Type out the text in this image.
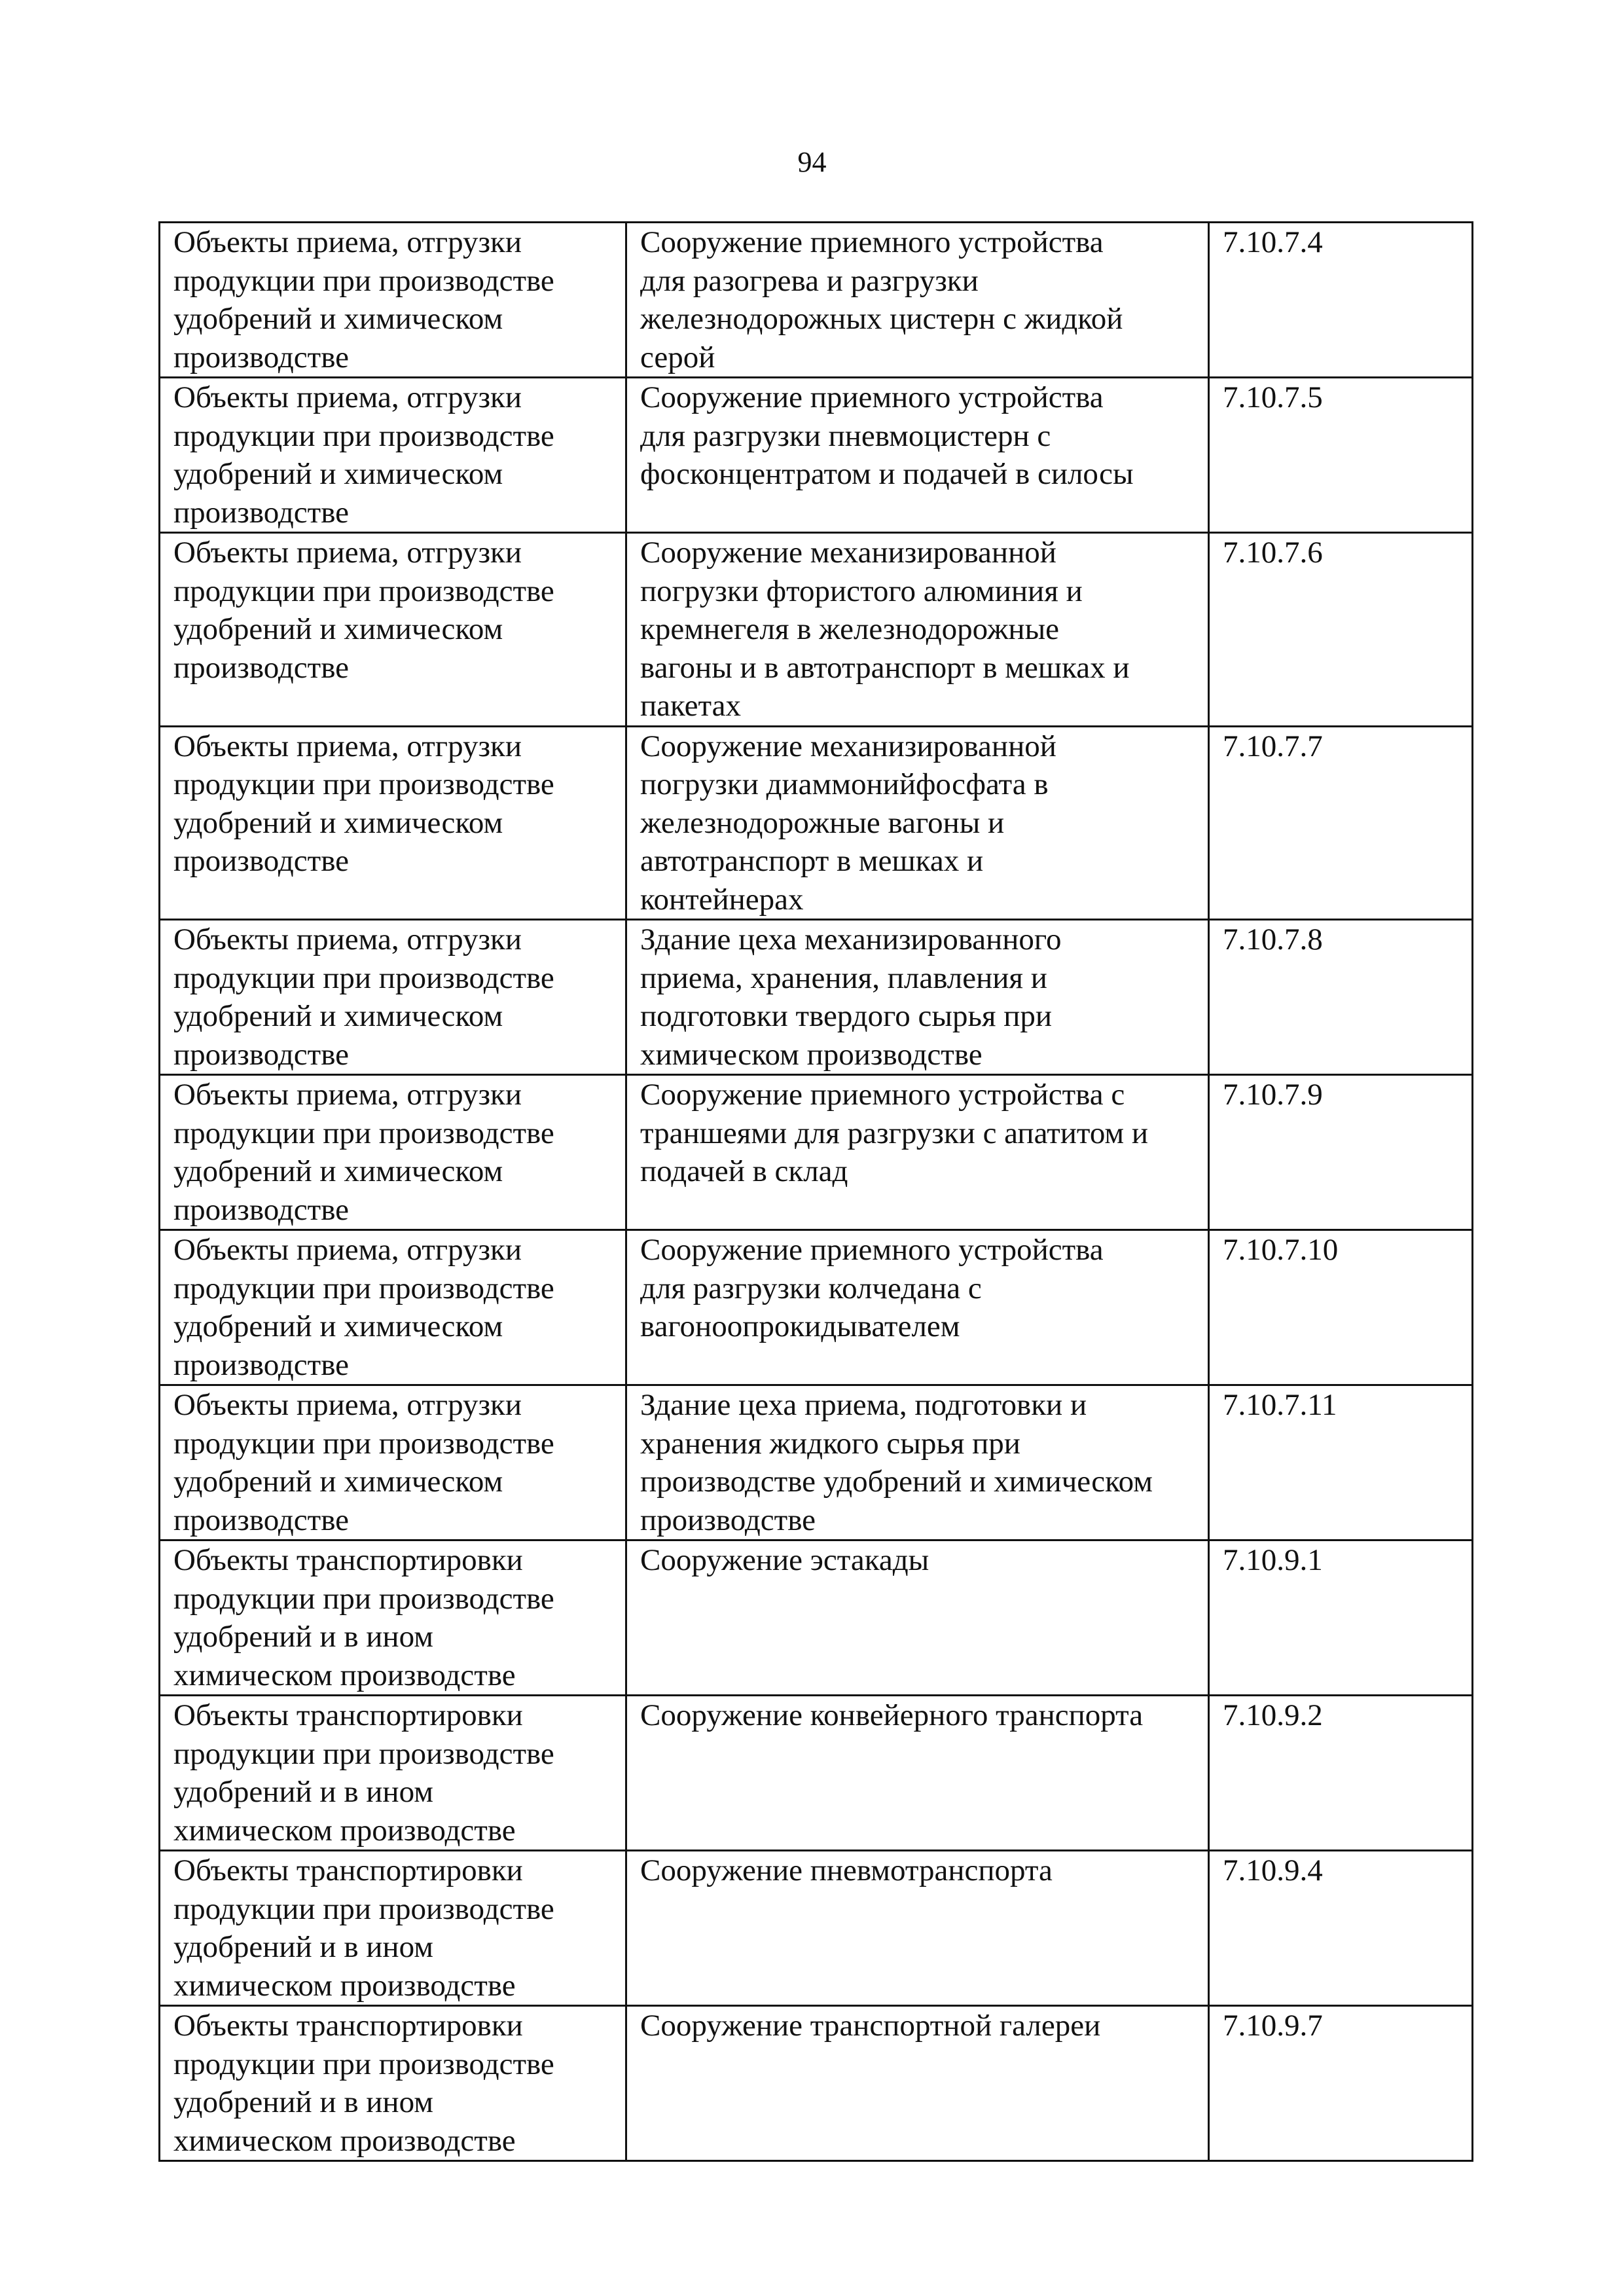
94
Объекты приема, отгрузки
продукции при производстве
удобрений и химическом
производстве	Сооружение приемного устройства
для разогрева и разгрузки
железнодорожных цистерн с жидкой
серой	7.10.7.4
Объекты приема, отгрузки
продукции при производстве
удобрений и химическом
производстве	Сооружение приемного устройства
для разгрузки пневмоцистерн с
фосконцентратом и подачей в силосы	7.10.7.5
Объекты приема, отгрузки
продукции при производстве
удобрений и химическом
производстве	Сооружение механизированной
погрузки фтористого алюминия и
кремнегеля в железнодорожные
вагоны и в автотранспорт в мешках и
пакетах	7.10.7.6
Объекты приема, отгрузки
продукции при производстве
удобрений и химическом
производстве	Сооружение механизированной
погрузки диаммонийфосфата в
железнодорожные вагоны и
автотранспорт в мешках и
контейнерах	7.10.7.7
Объекты приема, отгрузки
продукции при производстве
удобрений и химическом
производстве	Здание цеха механизированного
приема, хранения, плавления и
подготовки твердого сырья при
химическом производстве	7.10.7.8
Объекты приема, отгрузки
продукции при производстве
удобрений и химическом
производстве	Сооружение приемного устройства с
траншеями для разгрузки с апатитом и
подачей в склад	7.10.7.9
Объекты приема, отгрузки
продукции при производстве
удобрений и химическом
производстве	Сооружение приемного устройства
для разгрузки колчедана с
вагоноопрокидывателем	7.10.7.10
Объекты приема, отгрузки
продукции при производстве
удобрений и химическом
производстве	Здание цеха приема, подготовки и
хранения жидкого сырья при
производстве удобрений и химическом
производстве	7.10.7.11
Объекты транспортировки
продукции при производстве
удобрений и в ином
химическом производстве	Сооружение эстакады	7.10.9.1
Объекты транспортировки
продукции при производстве
удобрений и в ином
химическом производстве	Сооружение конвейерного транспорта	7.10.9.2
Объекты транспортировки
продукции при производстве
удобрений и в ином
химическом производстве	Сооружение пневмотранспорта	7.10.9.4
Объекты транспортировки
продукции при производстве
удобрений и в ином
химическом производстве	Сооружение транспортной галереи	7.10.9.7
